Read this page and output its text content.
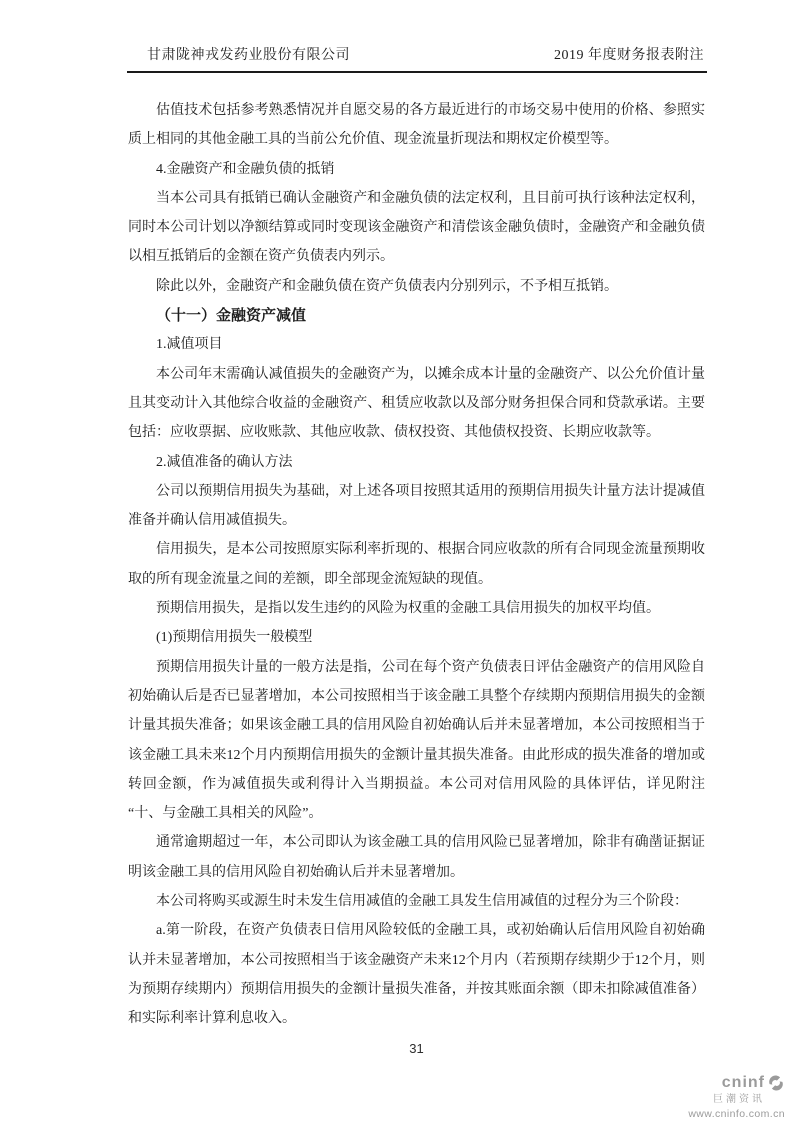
甘肃陇神戎发药业股份有限公司	2019 年度财务报表附注

估值技术包括参考熟悉情况并自愿交易的各方最近进行的市场交易中使用的价格、参照实质上相同的其他金融工具的当前公允价值、现金流量折现法和期权定价模型等。

4.金融资产和金融负债的抵销

当本公司具有抵销已确认金融资产和金融负债的法定权利，且目前可执行该种法定权利，同时本公司计划以净额结算或同时变现该金融资产和清偿该金融负债时，金融资产和金融负债以相互抵销后的金额在资产负债表内列示。

除此以外，金融资产和金融负债在资产负债表内分别列示，不予相互抵销。

（十一）金融资产减值

1.减值项目

本公司年末需确认减值损失的金融资产为，以摊余成本计量的金融资产、以公允价值计量且其变动计入其他综合收益的金融资产、租赁应收款以及部分财务担保合同和贷款承诺。主要包括：应收票据、应收账款、其他应收款、债权投资、其他债权投资、长期应收款等。

2.减值准备的确认方法

公司以预期信用损失为基础，对上述各项目按照其适用的预期信用损失计量方法计提减值准备并确认信用减值损失。

信用损失，是本公司按照原实际利率折现的、根据合同应收款的所有合同现金流量预期收取的所有现金流量之间的差额，即全部现金流短缺的现值。

预期信用损失，是指以发生违约的风险为权重的金融工具信用损失的加权平均值。

(1)预期信用损失一般模型

预期信用损失计量的一般方法是指，公司在每个资产负债表日评估金融资产的信用风险自初始确认后是否已显著增加，本公司按照相当于该金融工具整个存续期内预期信用损失的金额计量其损失准备；如果该金融工具的信用风险自初始确认后并未显著增加，本公司按照相当于该金融工具未来12个月内预期信用损失的金额计量其损失准备。由此形成的损失准备的增加或转回金额，作为减值损失或利得计入当期损益。本公司对信用风险的具体评估，详见附注“十、与金融工具相关的风险”。

通常逾期超过一年，本公司即认为该金融工具的信用风险已显著增加，除非有确凿证据证明该金融工具的信用风险自初始确认后并未显著增加。

本公司将购买或源生时未发生信用减值的金融工具发生信用减值的过程分为三个阶段：

a.第一阶段，在资产负债表日信用风险较低的金融工具，或初始确认后信用风险自初始确认并未显著增加，本公司按照相当于该金融资产未来12个月内（若预期存续期少于12个月，则为预期存续期内）预期信用损失的金额计量损失准备，并按其账面余额（即未扣除减值准备）和实际利率计算利息收入。

31
cninf
巨潮资讯
www.cninfo.com.cn
